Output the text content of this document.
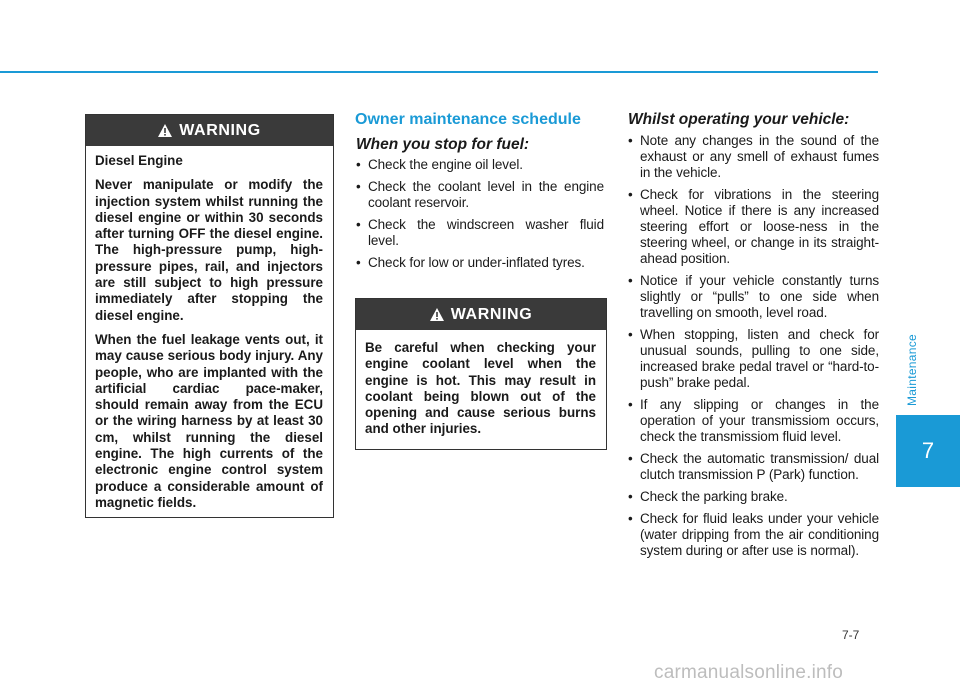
WARNING

Diesel Engine

Never manipulate or modify the injection system whilst running the diesel engine or within 30 seconds after turning OFF the diesel engine. The high-pressure pump, high-pressure pipes, rail, and injectors are still subject to high pressure immediately after stopping the diesel engine.

When the fuel leakage vents out, it may cause serious body injury. Any people, who are implanted with the artificial cardiac pace-maker, should remain away from the ECU or the wiring harness by at least 30 cm, whilst running the diesel engine. The high currents of the electronic engine control system produce a considerable amount of magnetic fields.

Owner maintenance schedule
When you stop for fuel:
• Check the engine oil level.
• Check the coolant level in the engine coolant reservoir.
• Check the windscreen washer fluid level.
• Check for low or under-inflated tyres.
WARNING

Be careful when checking your engine coolant level when the engine is hot. This may result in coolant being blown out of the opening and cause serious burns and other injuries.

Whilst operating your vehicle:
• Note any changes in the sound of the exhaust or any smell of exhaust fumes in the vehicle.
• Check for vibrations in the steering wheel. Notice if there is any increased steering effort or loose-ness in the steering wheel, or change in its straight-ahead position.
• Notice if your vehicle constantly turns slightly or “pulls” to one side when travelling on smooth, level road.
• When stopping, listen and check for unusual sounds, pulling to one side, increased brake pedal travel or “hard-to-push” brake pedal.
• If any slipping or changes in the operation of your transmissiom occurs, check the transmissiom fluid level.
• Check the automatic transmission/ dual clutch transmission P (Park) function.
• Check the parking brake.
• Check for fluid leaks under your vehicle (water dripping from the air conditioning system during or after use is normal).
Maintenance
7
7-7
carmanualsonline.info
